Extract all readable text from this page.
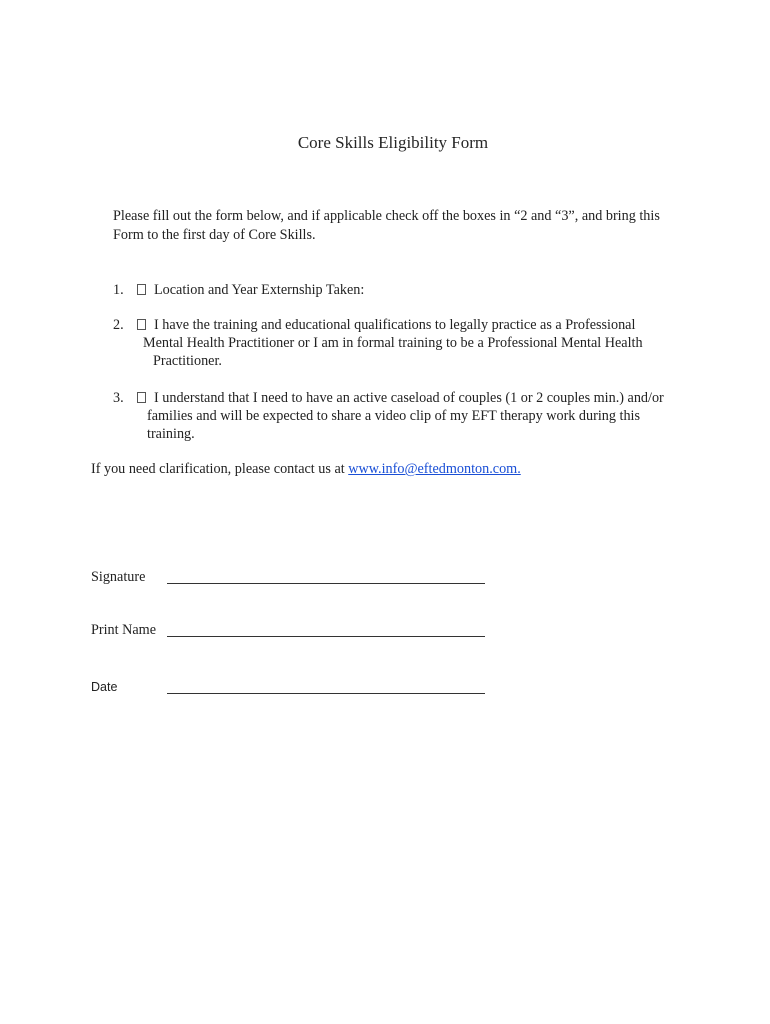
Core Skills Eligibility Form
Please fill out the form below, and if applicable check off the boxes in “2 and “3”, and bring this Form to the first day of Core Skills.
1.	Location and Year Externship Taken:
2.	I have the training and educational qualifications to legally practice as a Professional
Mental Health Practitioner or I am in formal training to be a Professional Mental Health
Practitioner.
3.	I understand that I need to have an active caseload of couples (1 or 2 couples min.) and/or
families and will be expected to share a video clip of my EFT therapy work during this
training.
If you need clarification, please contact us at www.info@eftedmonton.com.
Signature
Print Name
Date
